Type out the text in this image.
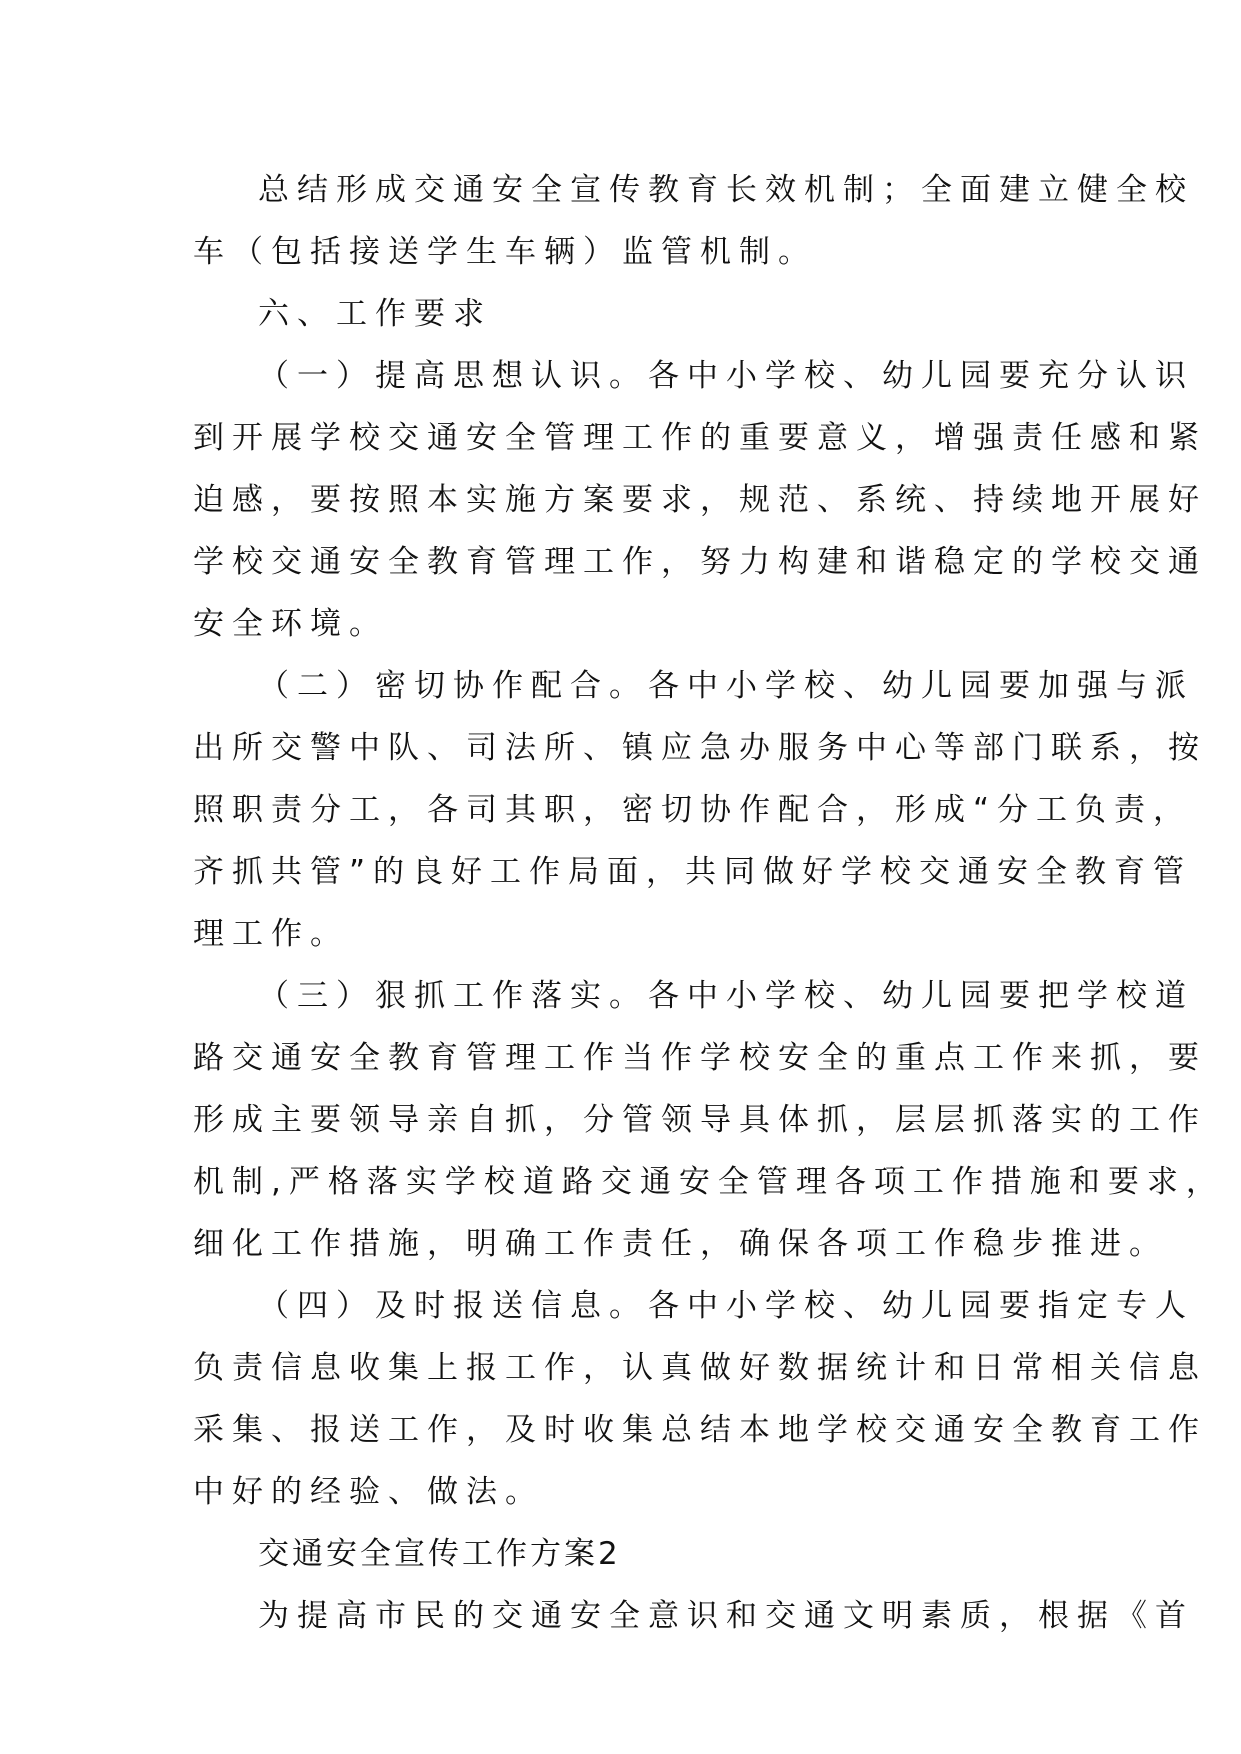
总结形成交通安全宣传教育长效机制；全面建立健全校
车（包括接送学生车辆）监管机制。
六、工作要求
（一）提高思想认识。各中小学校、幼儿园要充分认识
到开展学校交通安全管理工作的重要意义，增强责任感和紧
迫感，要按照本实施方案要求，规范、系统、持续地开展好
学校交通安全教育管理工作，努力构建和谐稳定的学校交通
安全环境。
（二）密切协作配合。各中小学校、幼儿园要加强与派
出所交警中队、司法所、镇应急办服务中心等部门联系，按
照职责分工，各司其职，密切协作配合，形成“分工负责，
齐抓共管”的良好工作局面，共同做好学校交通安全教育管
理工作。
（三）狠抓工作落实。各中小学校、幼儿园要把学校道
路交通安全教育管理工作当作学校安全的重点工作来抓，要
形成主要领导亲自抓，分管领导具体抓，层层抓落实的工作
机制,严格落实学校道路交通安全管理各项工作措施和要求，
细化工作措施，明确工作责任，确保各项工作稳步推进。
（四）及时报送信息。各中小学校、幼儿园要指定专人
负责信息收集上报工作，认真做好数据统计和日常相关信息
采集、报送工作，及时收集总结本地学校交通安全教育工作
中好的经验、做法。
交通安全宣传工作方案2
为提高市民的交通安全意识和交通文明素质，根据《首
